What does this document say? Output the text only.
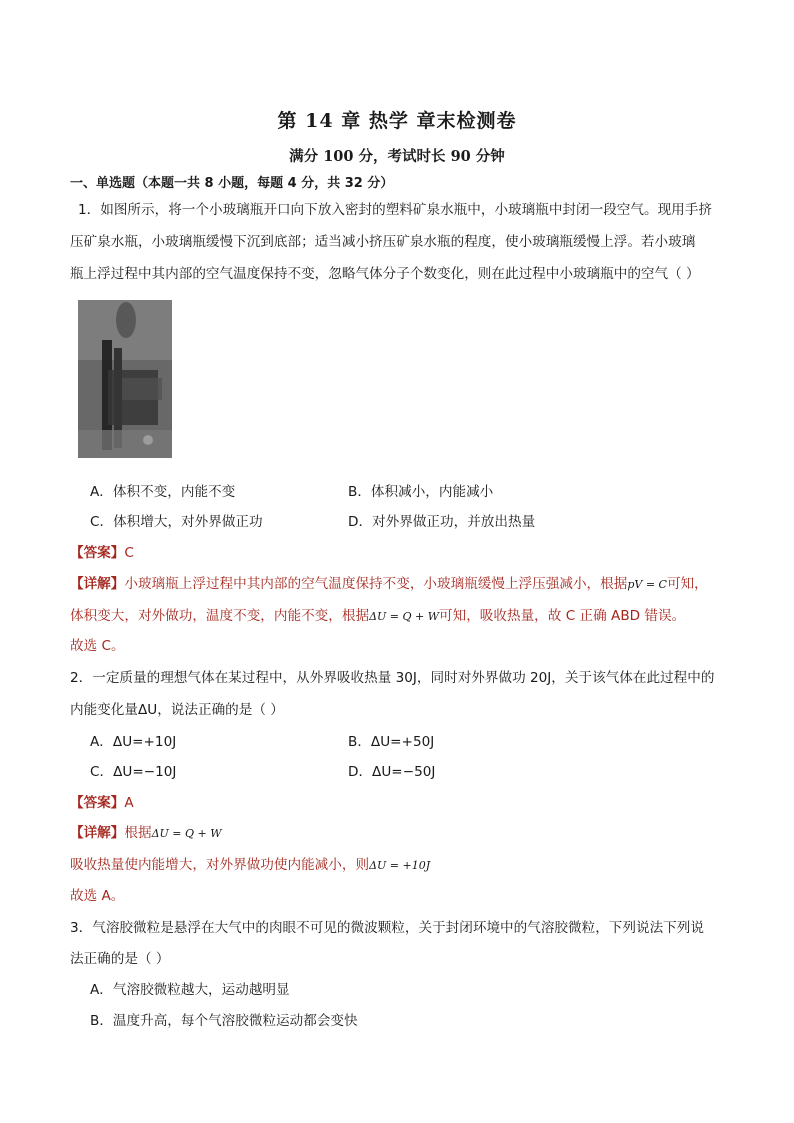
第 14 章 热学 章末检测卷
满分 100 分，考试时长 90 分钟
一、单选题（本题一共 8 小题，每题 4 分，共 32 分）
1．如图所示，将一个小玻璃瓶开口向下放入密封的塑料矿泉水瓶中，小玻璃瓶中封闭一段空气。现用手挤
压矿泉水瓶，小玻璃瓶缓慢下沉到底部；适当减小挤压矿泉水瓶的程度，使小玻璃瓶缓慢上浮。若小玻璃
瓶上浮过程中其内部的空气温度保持不变，忽略气体分子个数变化，则在此过程中小玻璃瓶中的空气（ ）
A．体积不变，内能不变	B．体积减小，内能减小
C．体积增大，对外界做正功	D．对外界做正功，并放出热量
【答案】C
【详解】小玻璃瓶上浮过程中其内部的空气温度保持不变，小玻璃瓶缓慢上浮压强减小，根据pV = C可知，
体积变大，对外做功，温度不变，内能不变，根据ΔU = Q + W可知，吸收热量，故 C 正确 ABD 错误。
故选 C。
2．一定质量的理想气体在某过程中，从外界吸收热量 30J，同时对外界做功 20J，关于该气体在此过程中的
内能变化量ΔU，说法正确的是（ ）
A．ΔU=+10J	B．ΔU=+50J
C．ΔU=−10J	D．ΔU=−50J
【答案】A
【详解】根据ΔU = Q + W
吸收热量使内能增大，对外界做功使内能减小，则ΔU = +10J
故选 A。
3．气溶胶微粒是悬浮在大气中的肉眼不可见的微波颗粒，关于封闭环境中的气溶胶微粒，下列说法下列说
法正确的是（ ）
A．气溶胶微粒越大，运动越明显
B．温度升高，每个气溶胶微粒运动都会变快
